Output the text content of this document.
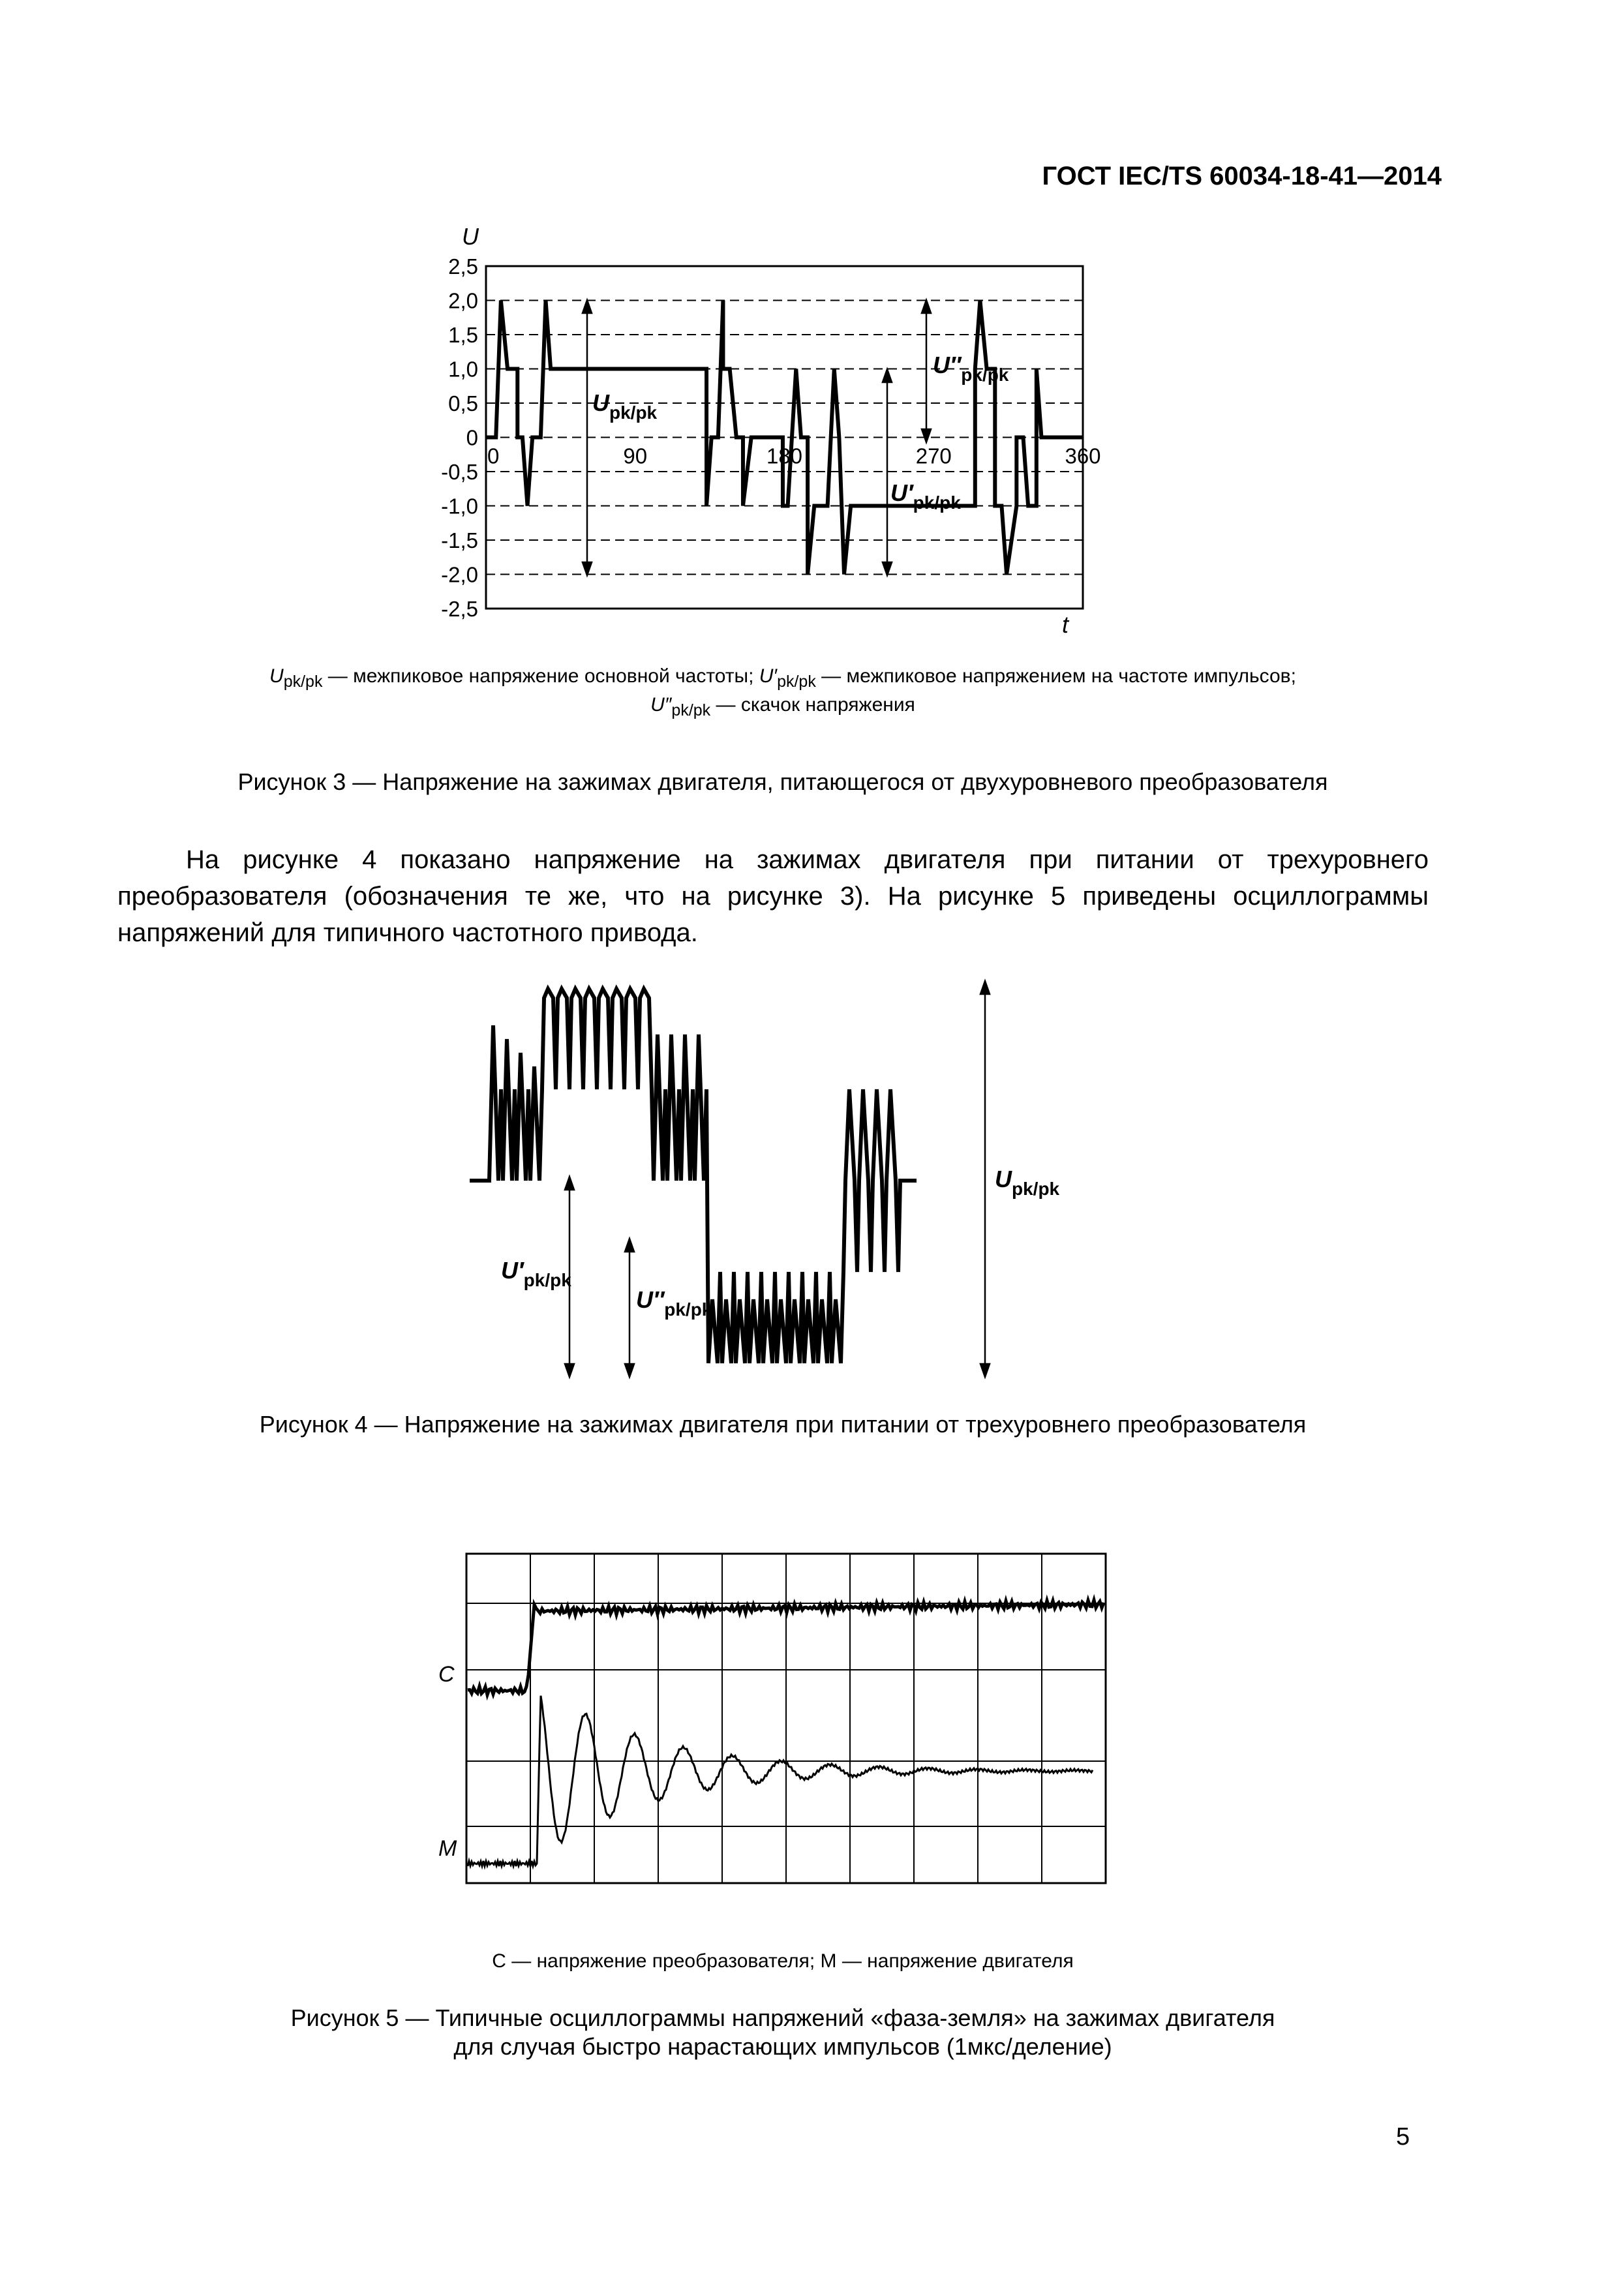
ГОСТ IEC/TS 60034-18-41—2014
U
t
2,5
2,0
1,5
1,0
0,5
0
-0,5
-1,0
-1,5
-2,0
-2,5
0	90	180	270	360
$U_{pk/pk}$
$U''_{pk/pk}$
$U'_{pk/pk}$
$U_{pk/pk}$ — межпиковое напряжение основной частоты; $U'_{pk/pk}$ — межпиковое напряжением на частоте импульсов;
$U''_{pk/pk}$ — скачок напряжения
Рисунок 3 — Напряжение на зажимах двигателя, питающегося от двухуровневого преобразователя

На рисунке 4 показано напряжение на зажимах двигателя при питании от трехуровнего преобразователя (обозначения те же, что на рисунке 3). На рисунке 5 приведены осциллограммы напряжений для типичного частотного привода.

$U_{pk/pk}$
$U'_{pk/pk}$
$U''_{pk/pk}$
Рисунок 4 — Напряжение на зажимах двигателя при питании от трехуровнего преобразователя
C
M
С — напряжение преобразователя; M — напряжение двигателя
Рисунок 5 — Типичные осциллограммы напряжений «фаза-земля» на зажимах двигателя
для случая быстро нарастающих импульсов (1мкс/деление)
5
